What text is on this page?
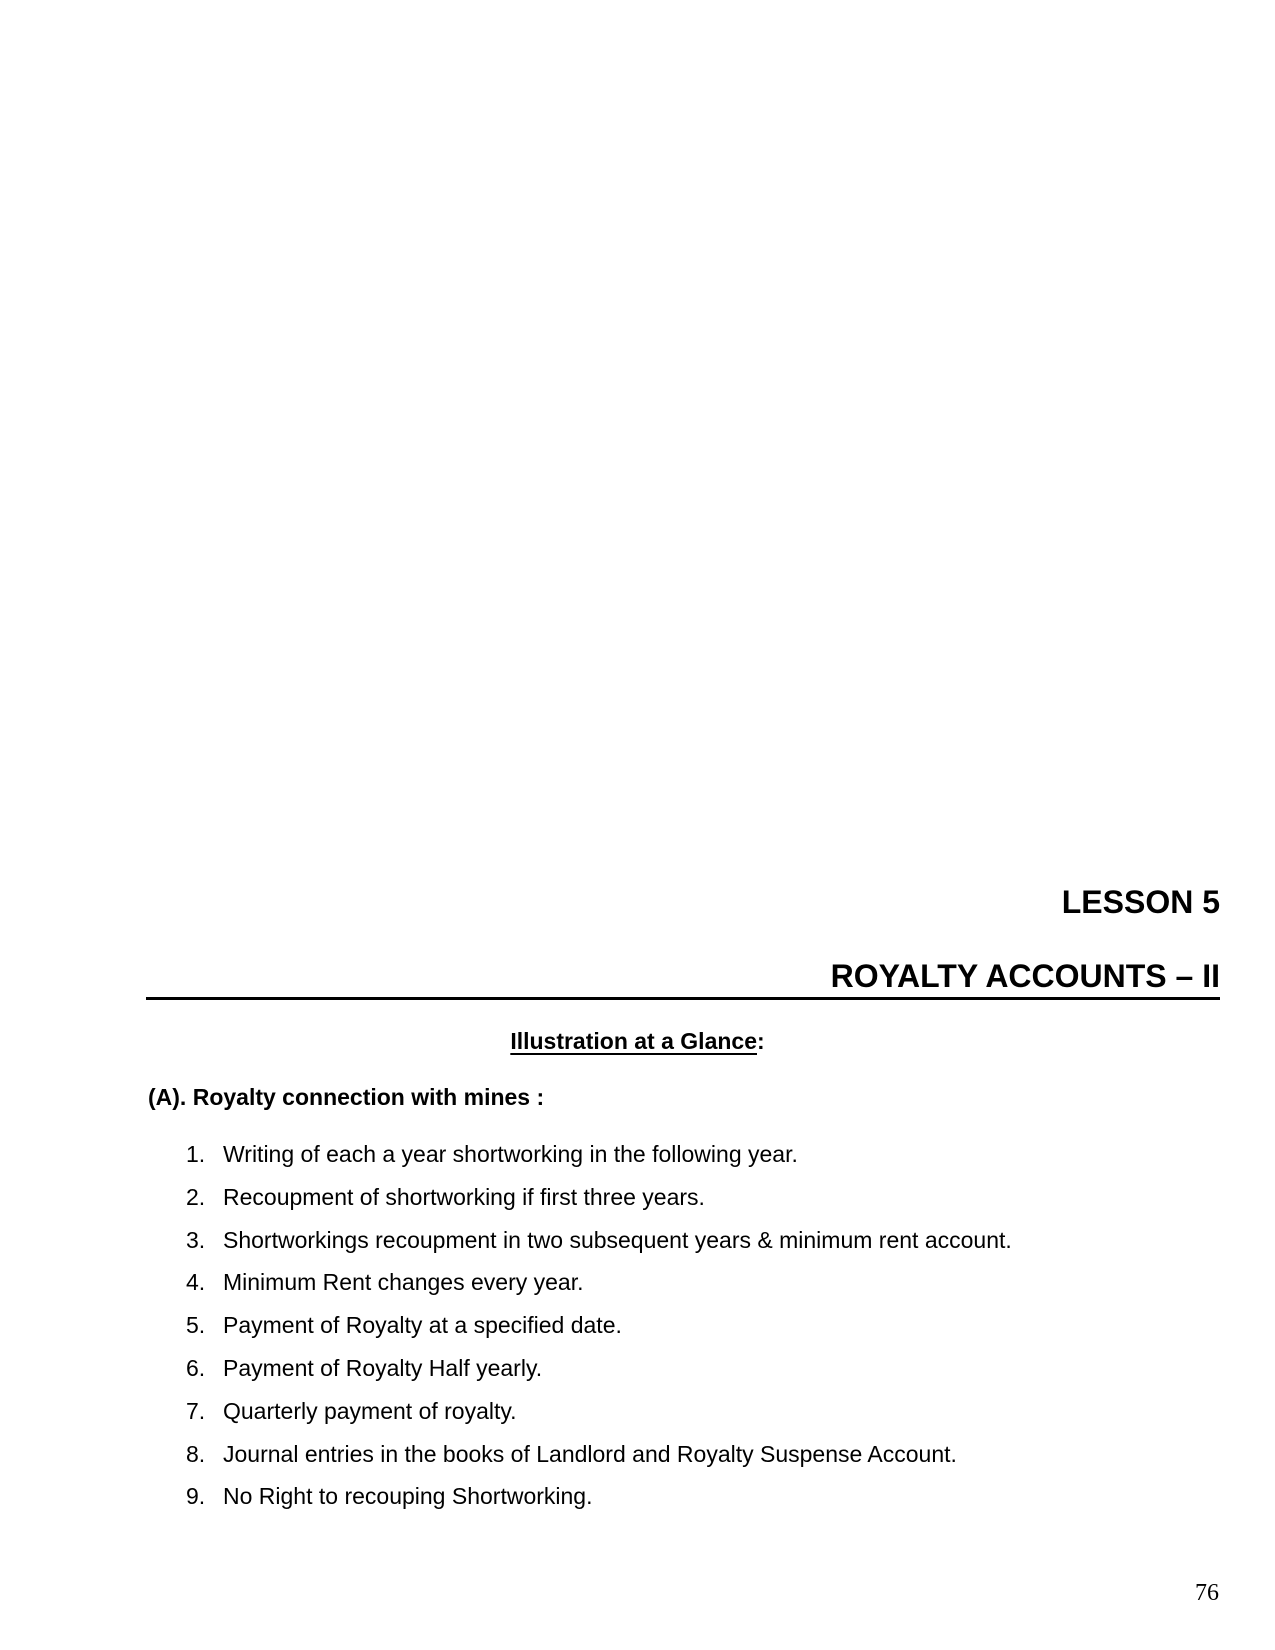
LESSON 5
ROYALTY ACCOUNTS – II
Illustration at a Glance:
(A). Royalty connection with mines :
1. Writing of each a year shortworking in the following year.
2. Recoupment of shortworking if first three years.
3. Shortworkings recoupment in two subsequent years & minimum rent account.
4. Minimum Rent changes every year.
5. Payment of Royalty at a specified date.
6. Payment of Royalty Half yearly.
7. Quarterly payment of royalty.
8. Journal entries in the books of Landlord and Royalty Suspense Account.
9. No Right to recouping Shortworking.
76
